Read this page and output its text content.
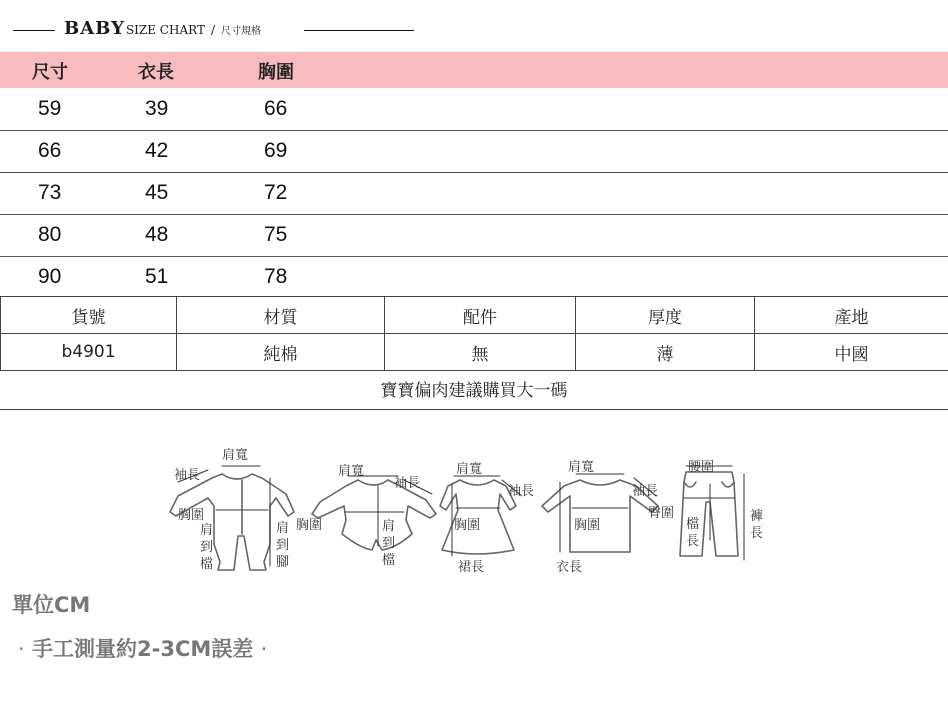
BABYSIZE CHART / 尺寸規格
尺寸	衣長	胸圍
59	39	66
66	42	69
73	45	72
80	48	75
90	51	78
貨號	材質	配件	厚度	產地
b4901	純棉	無	薄	中國
寶寶偏肉建議購買大一碼
肩寬
袖長
胸圍
肩到檔
肩到腳
肩寬
袖長
胸圍	肩到檔
肩寬
袖長
胸圍
裙長
肩寬
袖長
胸圍
衣長
腰圍
臀圍
檔長
褲長
單位CM
· 手工測量約2-3CM誤差 ·
